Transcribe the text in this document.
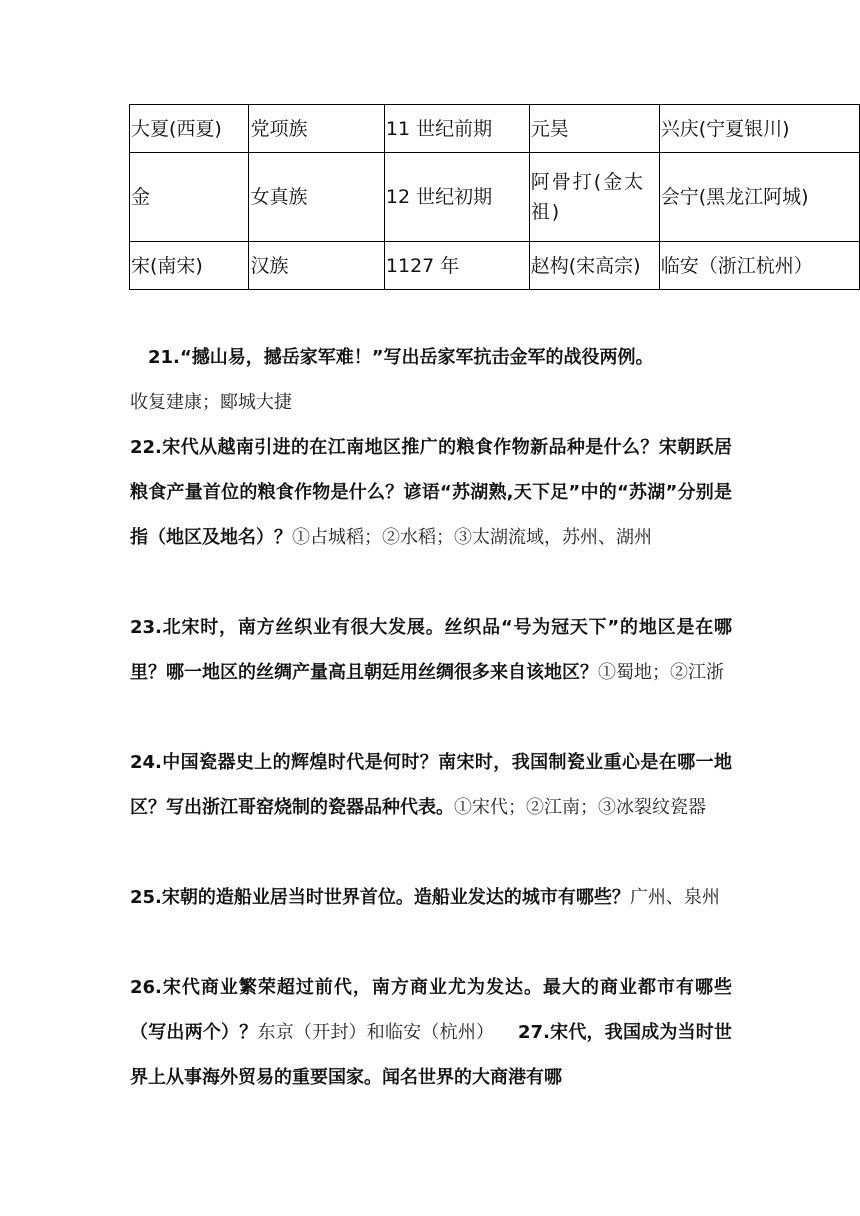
大夏(西夏)	党项族	11 世纪前期	元昊	兴庆(宁夏银川)
金	女真族	12 世纪初期	阿骨打(金太祖)	会宁(黑龙江阿城)
宋(南宋)	汉族	1127 年	赵构(宋高宗)	临安（浙江杭州）
21.“撼山易，撼岳家军难！”写出岳家军抗击金军的战役两例。
收复建康；郾城大捷
22.宋代从越南引进的在江南地区推广的粮食作物新品种是什么？宋朝跃居粮食产量首位的粮食作物是什么？谚语“苏湖熟,天下足”中的“苏湖”分别是指（地区及地名）？①占城稻；②水稻；③太湖流域，苏州、湖州
23.北宋时，南方丝织业有很大发展。丝织品“号为冠天下”的地区是在哪里？哪一地区的丝绸产量高且朝廷用丝绸很多来自该地区？①蜀地；②江浙
24.中国瓷器史上的辉煌时代是何时？南宋时，我国制瓷业重心是在哪一地区？写出浙江哥窑烧制的瓷器品种代表。①宋代；②江南；③冰裂纹瓷器
25.宋朝的造船业居当时世界首位。造船业发达的城市有哪些？广州、泉州
26.宋代商业繁荣超过前代，南方商业尤为发达。最大的商业都市有哪些（写出两个）？东京（开封）和临安（杭州） 27.宋代，我国成为当时世界上从事海外贸易的重要国家。闻名世界的大商港有哪
